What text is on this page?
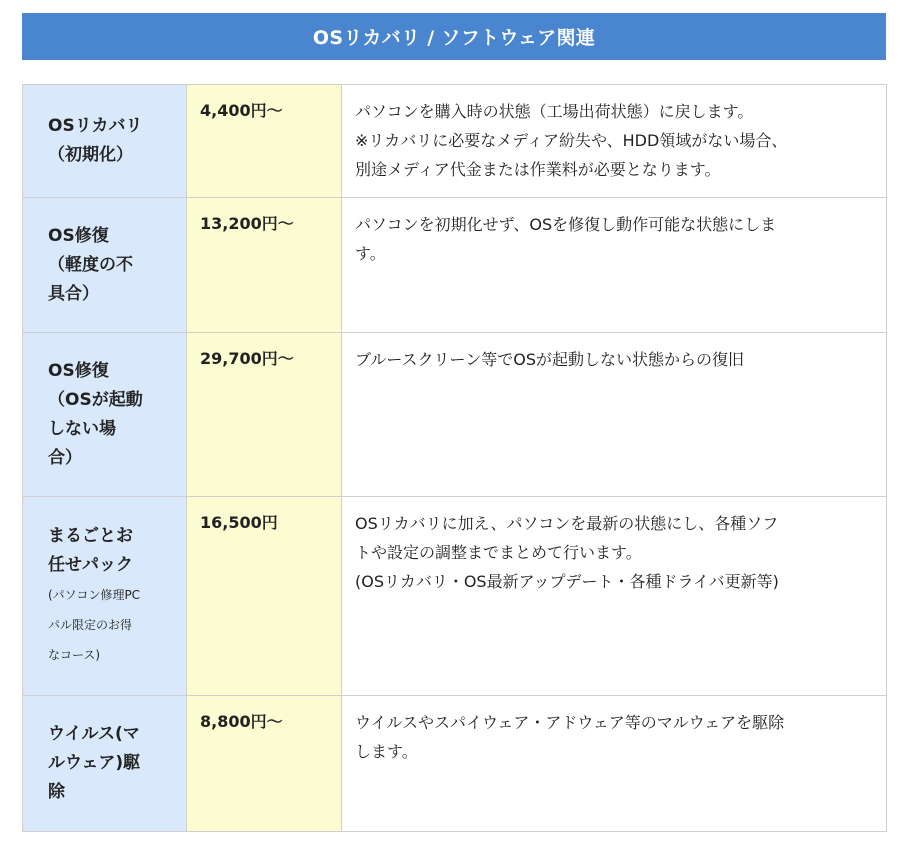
OSリカバリ / ソフトウェア関連
OSリカバリ
（初期化）	4,400円〜	パソコンを購入時の状態（工場出荷状態）に戻します。
※リカバリに必要なメディア紛失や、HDD領域がない場合、
別途メディア代金または作業料が必要となります。

OS修復
（軽度の不
具合）	13,200円〜	パソコンを初期化せず、OSを修復し動作可能な状態にしま
す。

OS修復
（OSが起動
しない場
合）	29,700円〜	ブルースクリーン等でOSが起動しない状態からの復旧

まるごとお
任せパック
(パソコン修理PC
パル限定のお得
なコース)	16,500円	OSリカバリに加え、パソコンを最新の状態にし、各種ソフ
トや設定の調整までまとめて行います。
(OSリカバリ・OS最新アップデート・各種ドライバ更新等)

ウイルス(マ
ルウェア)駆
除	8,800円〜	ウイルスやスパイウェア・アドウェア等のマルウェアを駆除
します。
